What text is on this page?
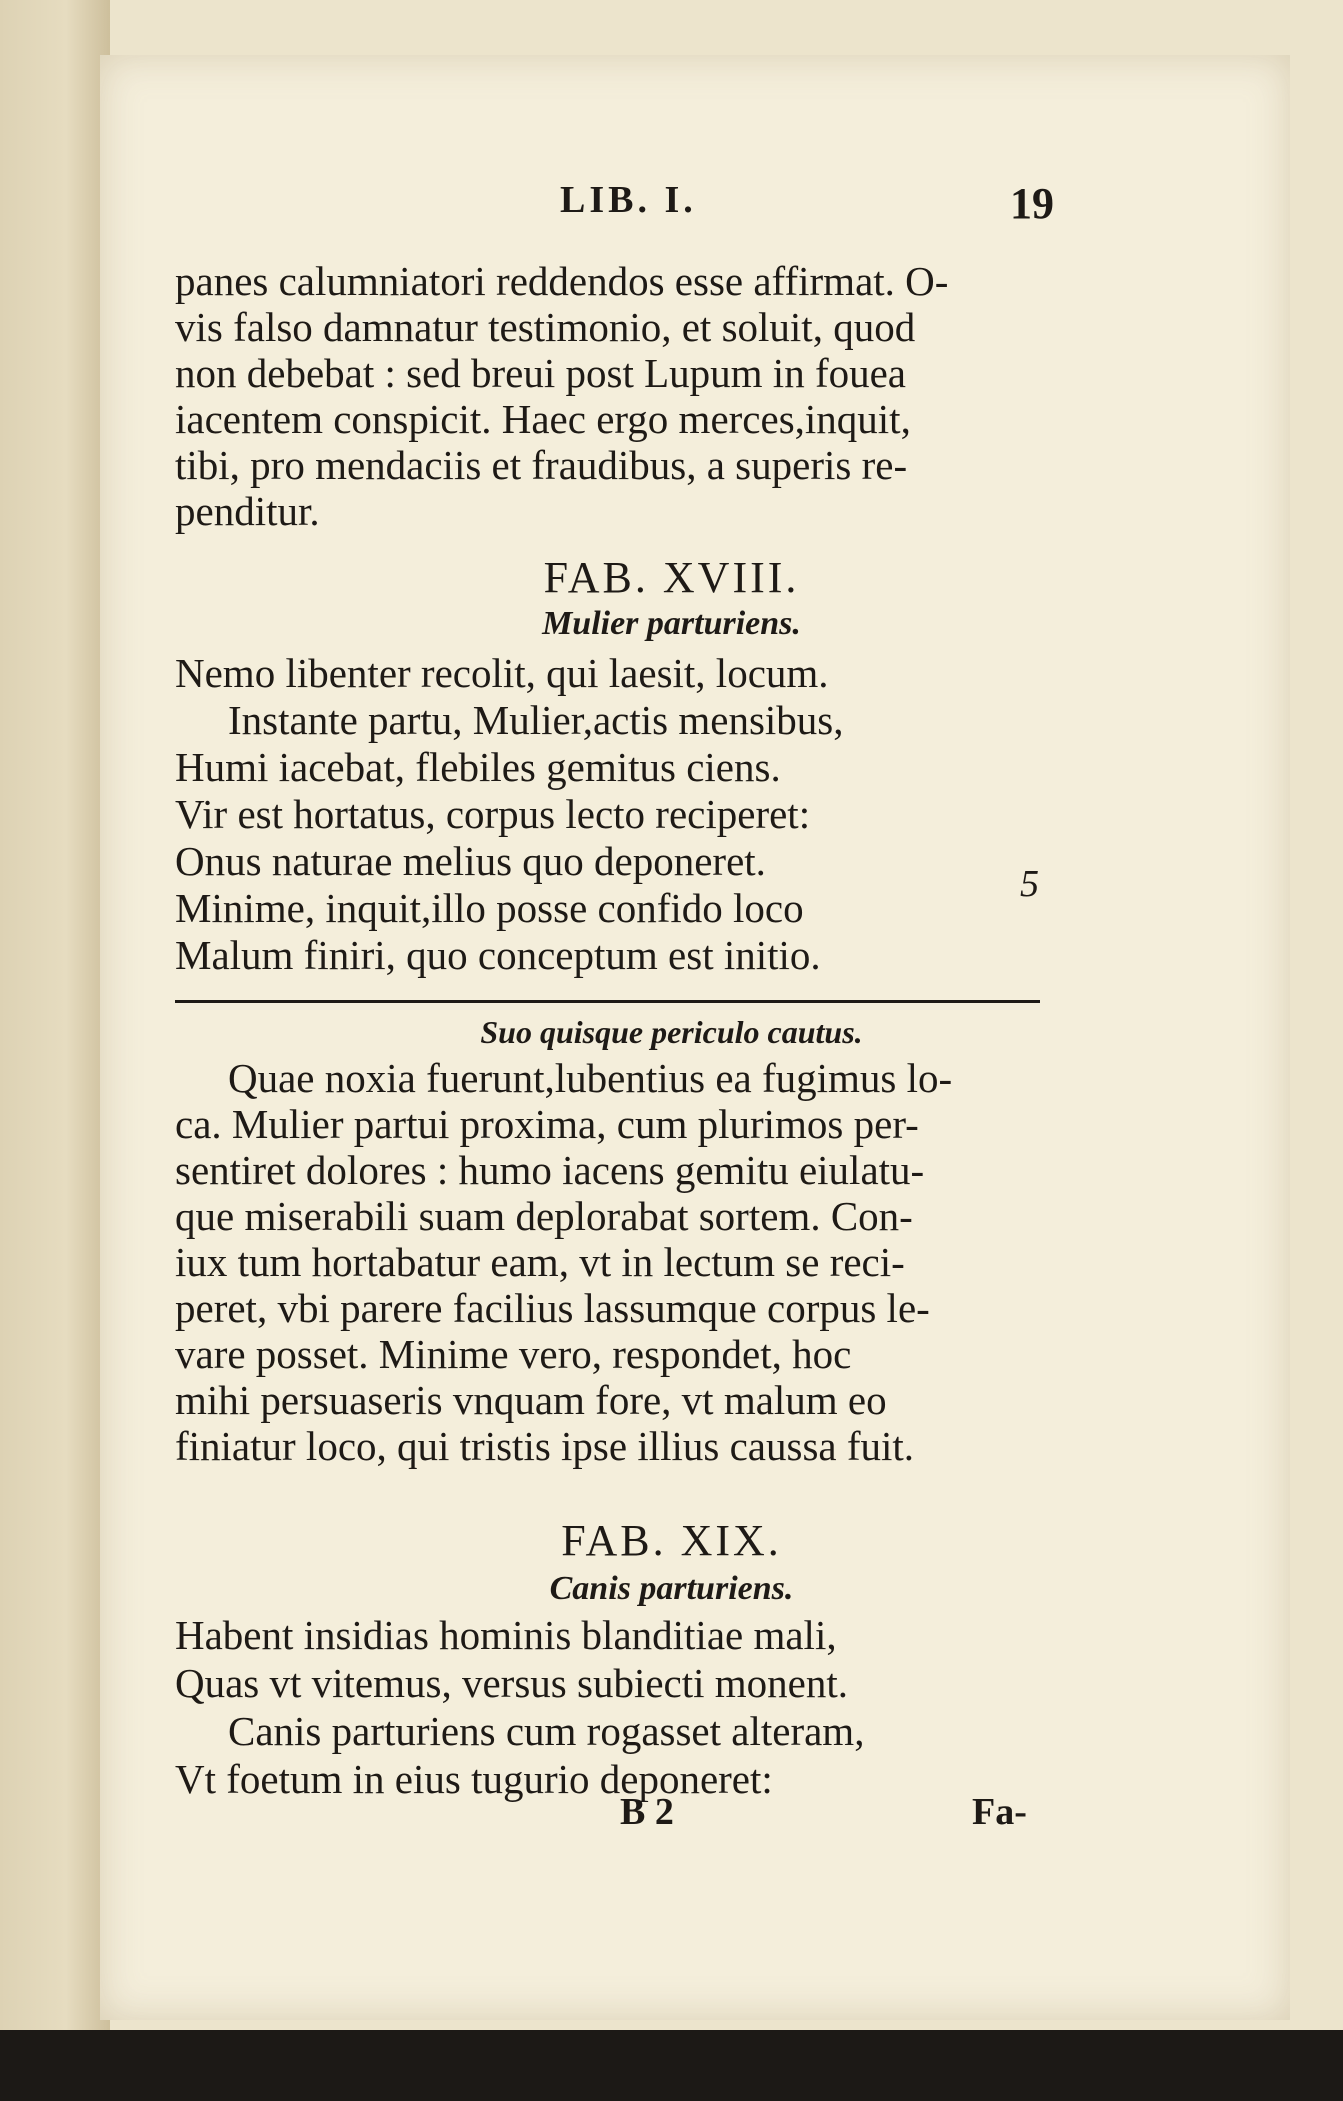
LIB. I.	19
panes calumniatori reddendos esse affirmat. O-
vis falso damnatur testimonio, et soluit, quod
non debebat : sed breui post Lupum in fouea
iacentem conspicit. Haec ergo merces,inquit,
tibi, pro mendaciis et fraudibus, a superis re-
penditur.
FAB. XVIII.
Mulier parturiens.
Nemo libenter recolit, qui laesit, locum.
Instante partu, Mulier,actis mensibus,
Humi iacebat, flebiles gemitus ciens.
Vir est hortatus, corpus lecto reciperet:
Onus naturae melius quo deponeret.
Minime, inquit,illo posse confido loco
Malum finiri, quo conceptum est initio.
5
Suo quisque periculo cautus.
Quae noxia fuerunt,lubentius ea fugimus lo-
ca. Mulier partui proxima, cum plurimos per-
sentiret dolores : humo iacens gemitu eiulatu-
que miserabili suam deplorabat sortem. Con-
iux tum hortabatur eam, vt in lectum se reci-
peret, vbi parere facilius lassumque corpus le-
vare posset. Minime vero, respondet, hoc
mihi persuaseris vnquam fore, vt malum eo
finiatur loco, qui tristis ipse illius caussa fuit.
FAB. XIX.
Canis parturiens.
Habent insidias hominis blanditiae mali,
Quas vt vitemus, versus subiecti monent.
Canis parturiens cum rogasset alteram,
Vt foetum in eius tugurio deponeret:
B 2	Fa-
